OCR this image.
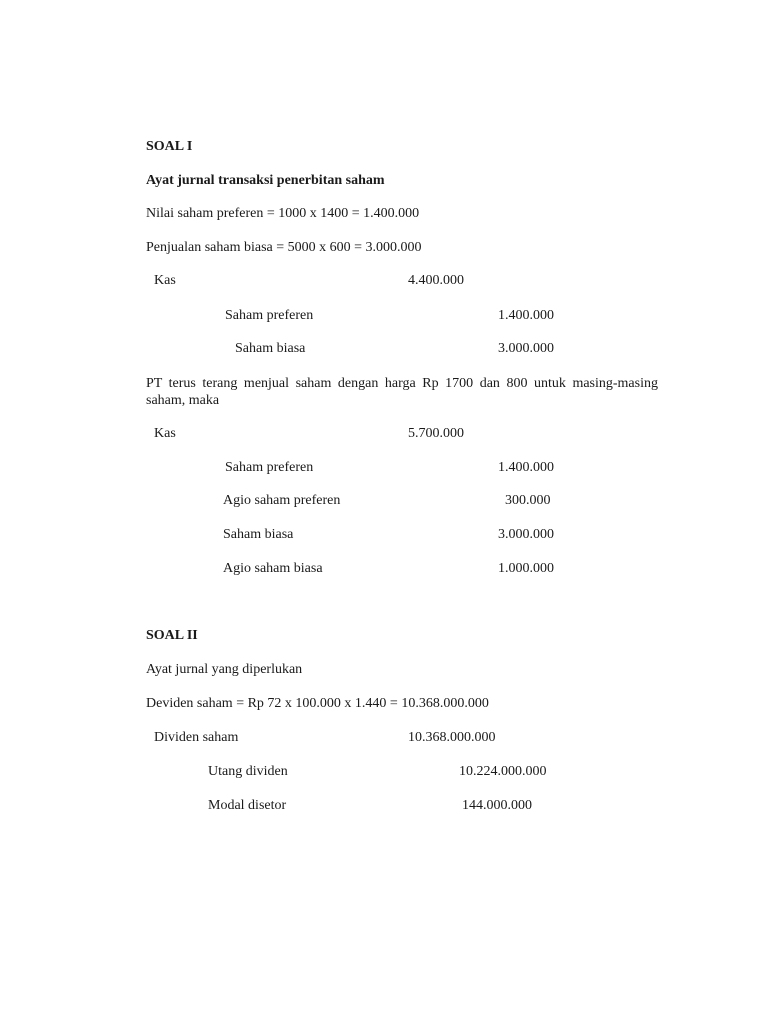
SOAL I
Ayat jurnal transaksi penerbitan saham
Nilai saham preferen = 1000 x 1400 = 1.400.000
Penjualan saham biasa = 5000 x 600 = 3.000.000
Kas	4.400.000
Saham preferen	1.400.000
Saham biasa	3.000.000
PT terus terang menjual saham dengan harga Rp 1700 dan 800 untuk masing-masing saham, maka
Kas	5.700.000
Saham preferen	1.400.000
Agio saham preferen	300.000
Saham biasa	3.000.000
Agio saham biasa	1.000.000
SOAL II
Ayat jurnal yang diperlukan
Deviden saham = Rp 72 x 100.000 x 1.440 = 10.368.000.000
Dividen saham	10.368.000.000
Utang dividen	10.224.000.000
Modal disetor	144.000.000
